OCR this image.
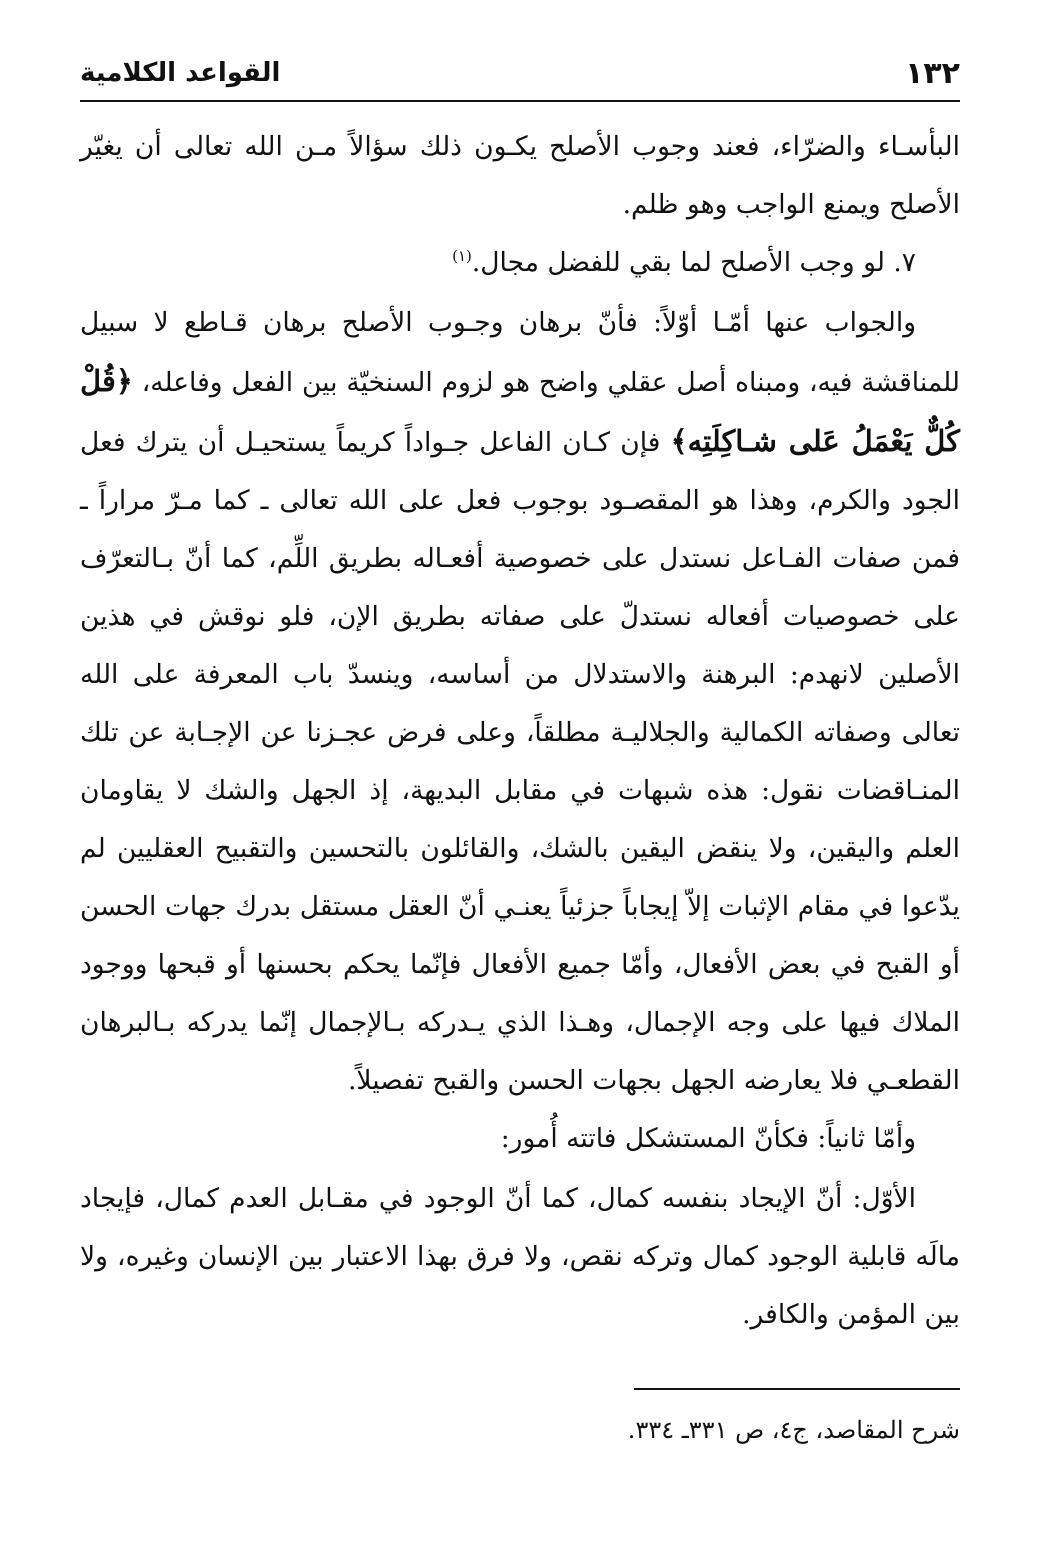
١٣٢
القواعد الكلامية

البأسـاء والضرّاء، فعند وجوب الأصلح يكـون ذلك سؤالاً مـن الله تعالى أن يغيّر الأصلح ويمنع الواجب وهو ظلم.

٧. لو وجب الأصلح لما بقي للفضل مجال.$^{(١)}$

والجواب عنها أمّـا أوّلاً: فأنّ برهان وجـوب الأصلح برهان قـاطع لا سبيل للمناقشة فيه، ومبناه أصل عقلي واضح هو لزوم السنخيّة بين الفعل وفاعله، ﴿قُلْ كُلٌّ يَعْمَلُ عَلى شـاكِلَتِه﴾ فإن كـان الفاعل جـواداً كريماً يستحيـل أن يترك فعل الجود والكرم، وهذا هو المقصـود بوجوب فعل على الله تعالى ـ كما مـرّ مراراً ـ فمن صفات الفـاعل نستدل على خصوصية أفعـاله بطريق اللِّم، كما أنّ بـالتعرّف على خصوصيات أفعاله نستدلّ على صفاته بطريق الإن، فلو نوقش في هذين الأصلين لانهدم: البرهنة والاستدلال من أساسه، وينسدّ باب المعرفة على الله تعالى وصفاته الكمالية والجلاليـة مطلقاً، وعلى فرض عجـزنا عن الإجـابة عن تلك المنـاقضات نقول: هذه شبهات في مقابل البديهة، إذ الجهل والشك لا يقاومان العلم واليقين، ولا ينقض اليقين بالشك، والقائلون بالتحسين والتقبيح العقليين لم يدّعوا في مقام الإثبات إلاّ إيجاباً جزئياً يعنـي أنّ العقل مستقل بدرك جهات الحسن أو القبح في بعض الأفعال، وأمّا جميع الأفعال فإنّما يحكم بحسنها أو قبحها ووجود الملاك فيها على وجه الإجمال، وهـذا الذي يـدركه بـالإجمال إنّما يدركه بـالبرهان القطعـي فلا يعارضه الجهل بجهات الحسن والقبح تفصيلاً.

وأمّا ثانياً: فكأنّ المستشكل فاتته أُمور:

الأوّل: أنّ الإيجاد بنفسه كمال، كما أنّ الوجود في مقـابل العدم كمال، فإيجاد مالَه قابلية الوجود كمال وتركه نقص، ولا فرق بهذا الاعتبار بين الإنسان وغيره، ولا بين المؤمن والكافر.

شرح المقاصد، ج٤، ص ٣٣١ـ ٣٣٤.
